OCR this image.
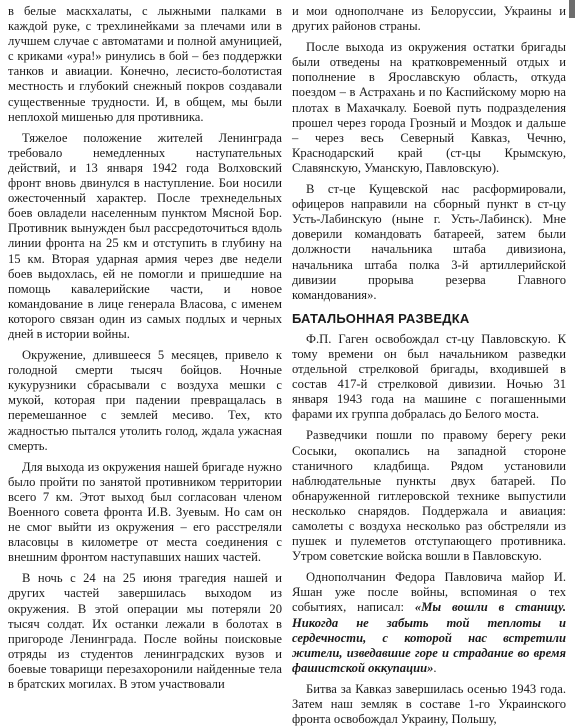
в белые маскхалаты, с лыжными палками в каждой руке, с трехлинейками за плечами или в лучшем случае с автоматами и полной амуницией, с криками «ура!» ринулись в бой – без поддержки танков и авиации. Конечно, лесисто-болотистая местность и глубокий снежный покров создавали существенные трудности. И, в общем, мы были неплохой мишенью для противника.

Тяжелое положение жителей Ленинграда требовало немедленных наступательных действий, и 13 января 1942 года Волховский фронт вновь двинулся в наступление. Бои носили ожесточенный характер. После трехнедельных боев овладели населенным пунктом Мясной Бор. Противник вынужден был рассредоточиться вдоль линии фронта на 25 км и отступить в глубину на 15 км. Вторая ударная армия через две недели боев выдохлась, ей не помогли и пришедшие на помощь кавалерийские части, и новое командование в лице генерала Власова, с именем которого связан один из самых подлых и черных дней в истории войны.

Окружение, длившееся 5 месяцев, привело к голодной смерти тысяч бойцов. Ночные кукурузники сбрасывали с воздуха мешки с мукой, которая при падении превращалась в перемешанное с землей месиво. Тех, кто жадностью пытался утолить голод, ждала ужасная смерть.

Для выхода из окружения нашей бригаде нужно было пройти по занятой противником территории всего 7 км. Этот выход был согласован членом Военного совета фронта И.В. Зуевым. Но сам он не смог выйти из окружения – его расстреляли власовцы в километре от места соединения с внешним фронтом наступавших наших частей.

В ночь с 24 на 25 июня трагедия нашей и других частей завершилась выходом из окружения. В этой операции мы потеряли 20 тысяч солдат. Их останки лежали в болотах в пригороде Ленинграда. После войны поисковые отряды из студентов ленинградских вузов и боевые товарищи перезахоронили найденные тела в братских могилах. В этом участвовали

и мои однополчане из Белоруссии, Украины и других районов страны.

После выхода из окружения остатки бригады были отведены на кратковременный отдых и пополнение в Ярославскую область, откуда поездом – в Астрахань и по Каспийскому морю на плотах в Махачкалу. Боевой путь подразделения прошел через города Грозный и Моздок и дальше – через весь Северный Кавказ, Чечню, Краснодарский край (ст-цы Крымскую, Славянскую, Уманскую, Павловскую).

В ст-це Кущевской нас расформировали, офицеров направили на сборный пункт в ст-цу Усть-Лабинскую (ныне г. Усть-Лабинск). Мне доверили командовать батареей, затем были должности начальника штаба дивизиона, начальника штаба полка 3-й артиллерийской дивизии прорыва резерва Главного командования».

БАТАЛЬОННАЯ РАЗВЕДКА

Ф.П. Гаген освобождал ст-цу Павловскую. К тому времени он был начальником разведки отдельной стрелковой бригады, входившей в состав 417-й стрелковой дивизии. Ночью 31 января 1943 года на машине с погашенными фарами их группа добралась до Белого моста.

Разведчики пошли по правому берегу реки Сосыки, окопались на западной стороне станичного кладбища. Рядом установили наблюдательные пункты двух батарей. По обнаруженной гитлеровской технике выпустили несколько снарядов. Поддержала и авиация: самолеты с воздуха несколько раз обстреляли из пушек и пулеметов отступающего противника. Утром советские войска вошли в Павловскую.

Однополчанин Федора Павловича майор И. Яшан уже после войны, вспоминая о тех событиях, написал: «Мы вошли в станицу. Никогда не забыть той теплоты и сердечности, с которой нас встретили жители, изведавшие горе и страдание во время фашистской оккупации».

Битва за Кавказ завершилась осенью 1943 года. Затем наш земляк в составе 1-го Украинского фронта освобождал Украину, Польшу,
